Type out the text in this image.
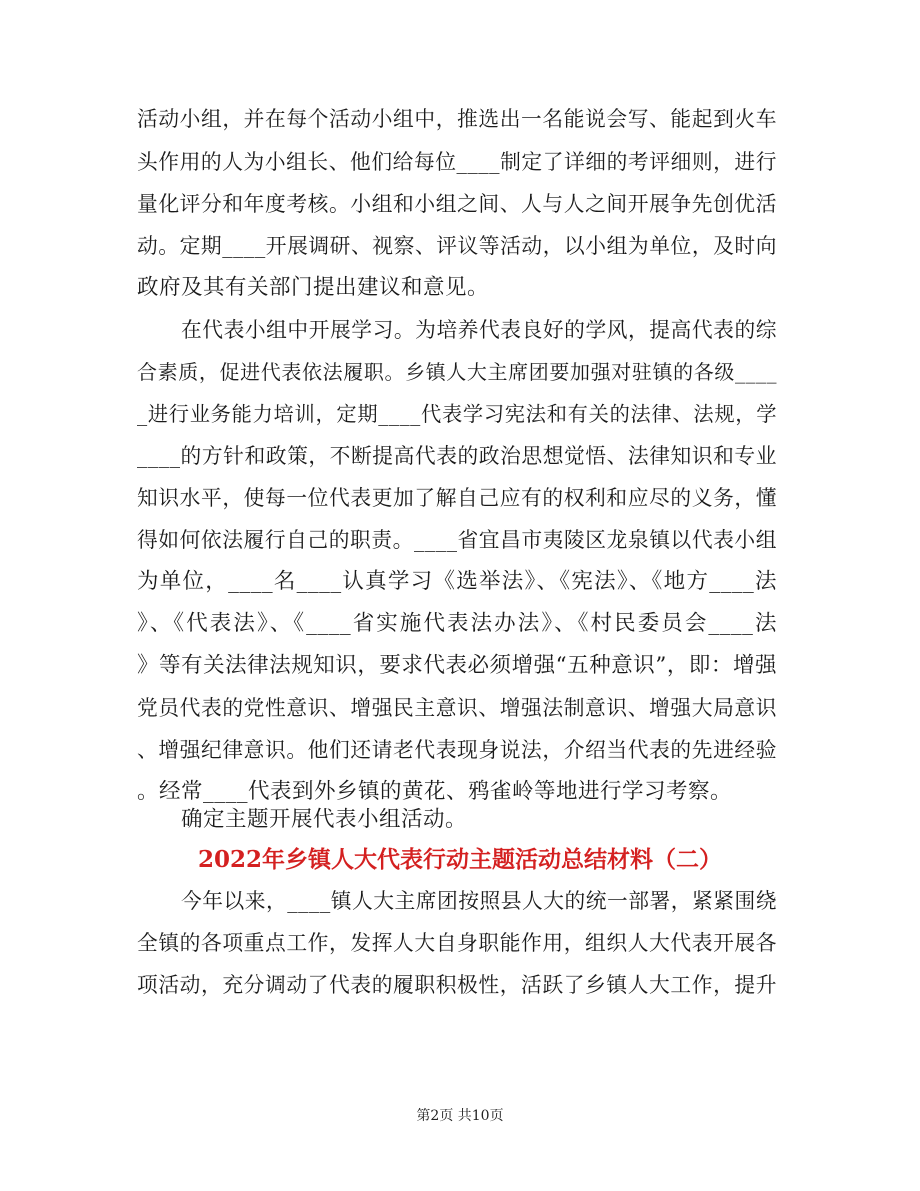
活动小组，并在每个活动小组中，推选出一名能说会写、能起到火车
头作用的人为小组长、他们给每位____制定了详细的考评细则，进行
量化评分和年度考核。小组和小组之间、人与人之间开展争先创优活
动。定期____开展调研、视察、评议等活动，以小组为单位，及时向
政府及其有关部门提出建议和意见。
在代表小组中开展学习。为培养代表良好的学风，提高代表的综
合素质，促进代表依法履职。乡镇人大主席团要加强对驻镇的各级____
_进行业务能力培训，定期____代表学习宪法和有关的法律、法规，学
____的方针和政策，不断提高代表的政治思想觉悟、法律知识和专业
知识水平，使每一位代表更加了解自己应有的权利和应尽的义务，懂
得如何依法履行自己的职责。____省宜昌市夷陵区龙泉镇以代表小组
为单位，____名____认真学习《选举法》、《宪法》、《地方____法
》、《代表法》、《____省实施代表法办法》、《村民委员会____法
》等有关法律法规知识，要求代表必须增强“五种意识”，即：增强
党员代表的党性意识、增强民主意识、增强法制意识、增强大局意识
、增强纪律意识。他们还请老代表现身说法，介绍当代表的先进经验
。经常____代表到外乡镇的黄花、鸦雀岭等地进行学习考察。
确定主题开展代表小组活动。
2022年乡镇人大代表行动主题活动总结材料（二）
今年以来，____镇人大主席团按照县人大的统一部署，紧紧围绕
全镇的各项重点工作，发挥人大自身职能作用，组织人大代表开展各
项活动，充分调动了代表的履职积极性，活跃了乡镇人大工作，提升
第2页 共10页
